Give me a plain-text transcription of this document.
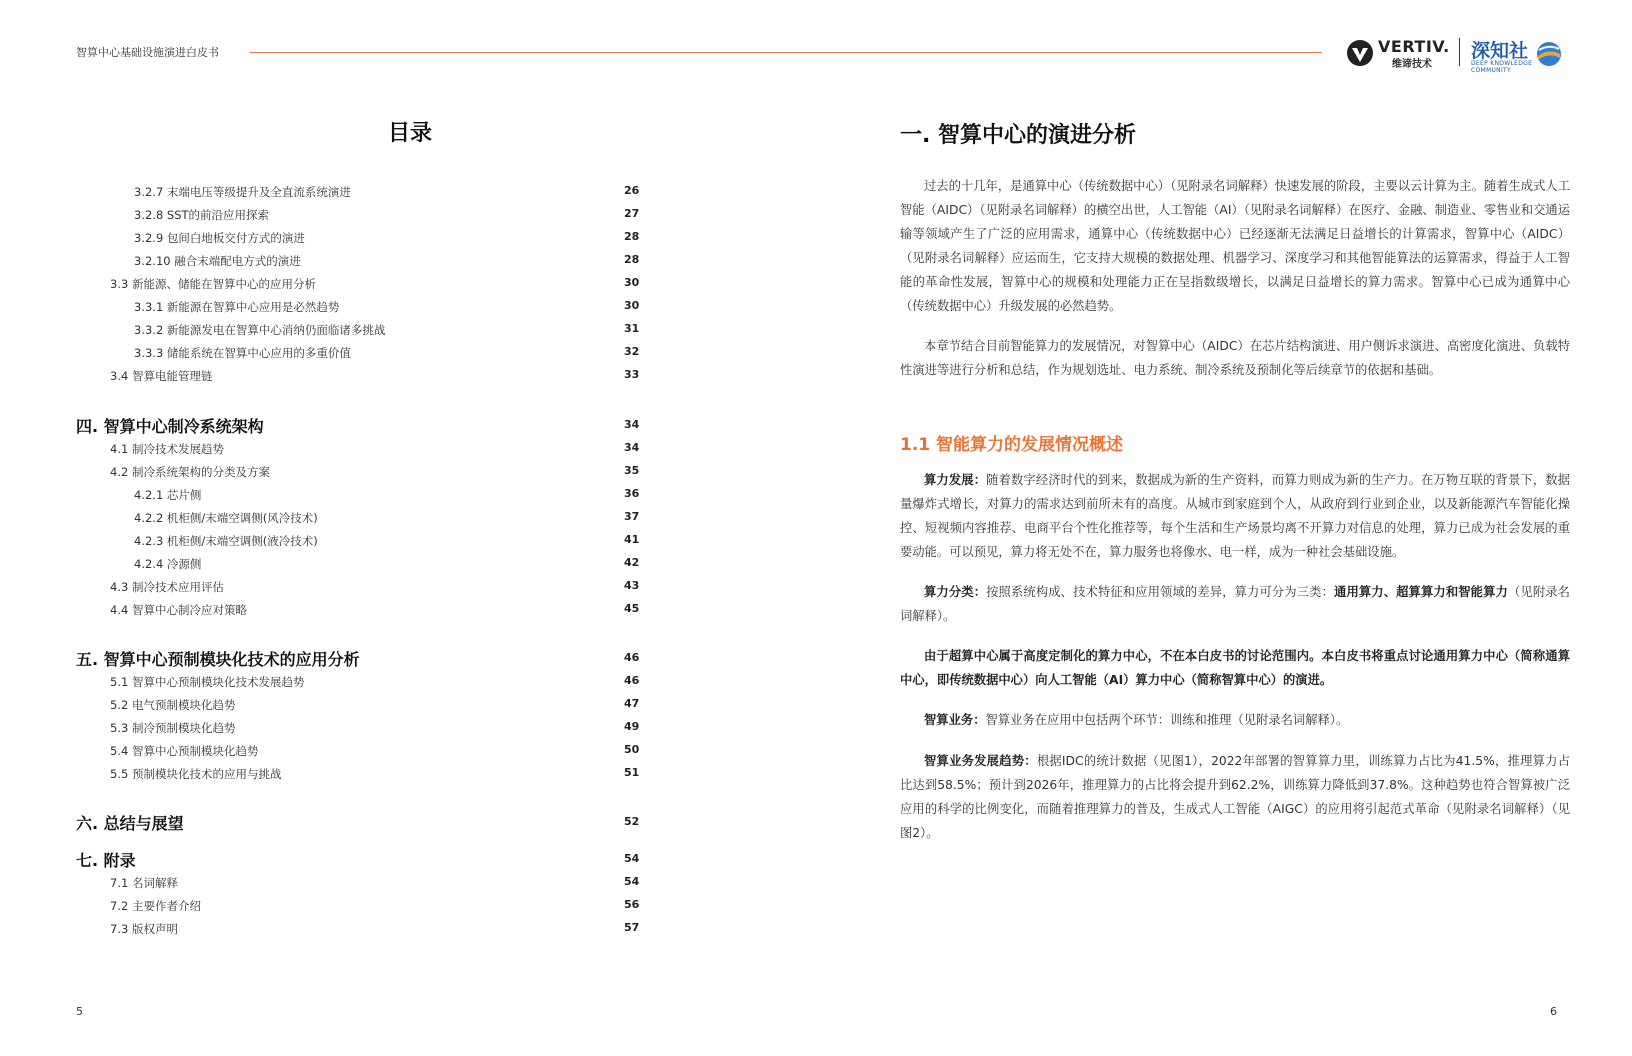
智算中心基础设施演进白皮书	VERTIV.
维谛技术
深知社
DEEP KNOWLEDGE COMMUNITY
目录
3.2.7 末端电压等级提升及全直流系统演进	26
3.2.8 SST的前沿应用探索	27
3.2.9 包间白地板交付方式的演进	28
3.2.10 融合末端配电方式的演进	28
3.3 新能源、储能在智算中心的应用分析	30
3.3.1 新能源在智算中心应用是必然趋势	30
3.3.2 新能源发电在智算中心消纳仍面临诸多挑战	31
3.3.3 储能系统在智算中心应用的多重价值	32
3.4 智算电能管理链	33
四. 智算中心制冷系统架构	34
4.1 制冷技术发展趋势	34
4.2 制冷系统架构的分类及方案	35
4.2.1 芯片侧	36
4.2.2 机柜侧/末端空调侧(风冷技术)	37
4.2.3 机柜侧/末端空调侧(液冷技术)	41
4.2.4 冷源侧	42
4.3 制冷技术应用评估	43
4.4 智算中心制冷应对策略	45
五. 智算中心预制模块化技术的应用分析	46
5.1 智算中心预制模块化技术发展趋势	46
5.2 电气预制模块化趋势	47
5.3 制冷预制模块化趋势	49
5.4 智算中心预制模块化趋势	50
5.5 预制模块化技术的应用与挑战	51
六. 总结与展望	52
七. 附录	54
7.1 名词解释	54
7.2 主要作者介绍	56
7.3 版权声明	57
5
一. 智算中心的演进分析

过去的十几年，是通算中心（传统数据中心）（见附录名词解释）快速发展的阶段，主要以云计算为主。随着生成式人工智能（AIDC）（见附录名词解释）的横空出世，人工智能（AI）（见附录名词解释）在医疗、金融、制造业、零售业和交通运输等领域产生了广泛的应用需求，通算中心（传统数据中心）已经逐渐无法满足日益增长的计算需求，智算中心（AIDC）（见附录名词解释）应运而生，它支持大规模的数据处理、机器学习、深度学习和其他智能算法的运算需求，得益于人工智能的革命性发展，智算中心的规模和处理能力正在呈指数级增长，以满足日益增长的算力需求。智算中心已成为通算中心（传统数据中心）升级发展的必然趋势。

本章节结合目前智能算力的发展情况，对智算中心（AIDC）在芯片结构演进、用户侧诉求演进、高密度化演进、负载特性演进等进行分析和总结，作为规划选址、电力系统、制冷系统及预制化等后续章节的依据和基础。

1.1 智能算力的发展情况概述

算力发展：随着数字经济时代的到来，数据成为新的生产资料，而算力则成为新的生产力。在万物互联的背景下，数据量爆炸式增长，对算力的需求达到前所未有的高度。从城市到家庭到个人，从政府到行业到企业，以及新能源汽车智能化操控、短视频内容推荐、电商平台个性化推荐等，每个生活和生产场景均离不开算力对信息的处理，算力已成为社会发展的重要动能。可以预见，算力将无处不在，算力服务也将像水、电一样，成为一种社会基础设施。

算力分类：按照系统构成、技术特征和应用领域的差异，算力可分为三类：通用算力、超算算力和智能算力（见附录名词解释）。

由于超算中心属于高度定制化的算力中心，不在本白皮书的讨论范围内。本白皮书将重点讨论通用算力中心（简称通算中心，即传统数据中心）向人工智能（AI）算力中心（简称智算中心）的演进。

智算业务：智算业务在应用中包括两个环节：训练和推理（见附录名词解释）。

智算业务发展趋势：根据IDC的统计数据（见图1），2022年部署的智算算力里，训练算力占比为41.5%，推理算力占比达到58.5%；预计到2026年，推理算力的占比将会提升到62.2%，训练算力降低到37.8%。这种趋势也符合智算被广泛应用的科学的比例变化，而随着推理算力的普及，生成式人工智能（AIGC）的应用将引起范式革命（见附录名词解释）（见图2）。

6
